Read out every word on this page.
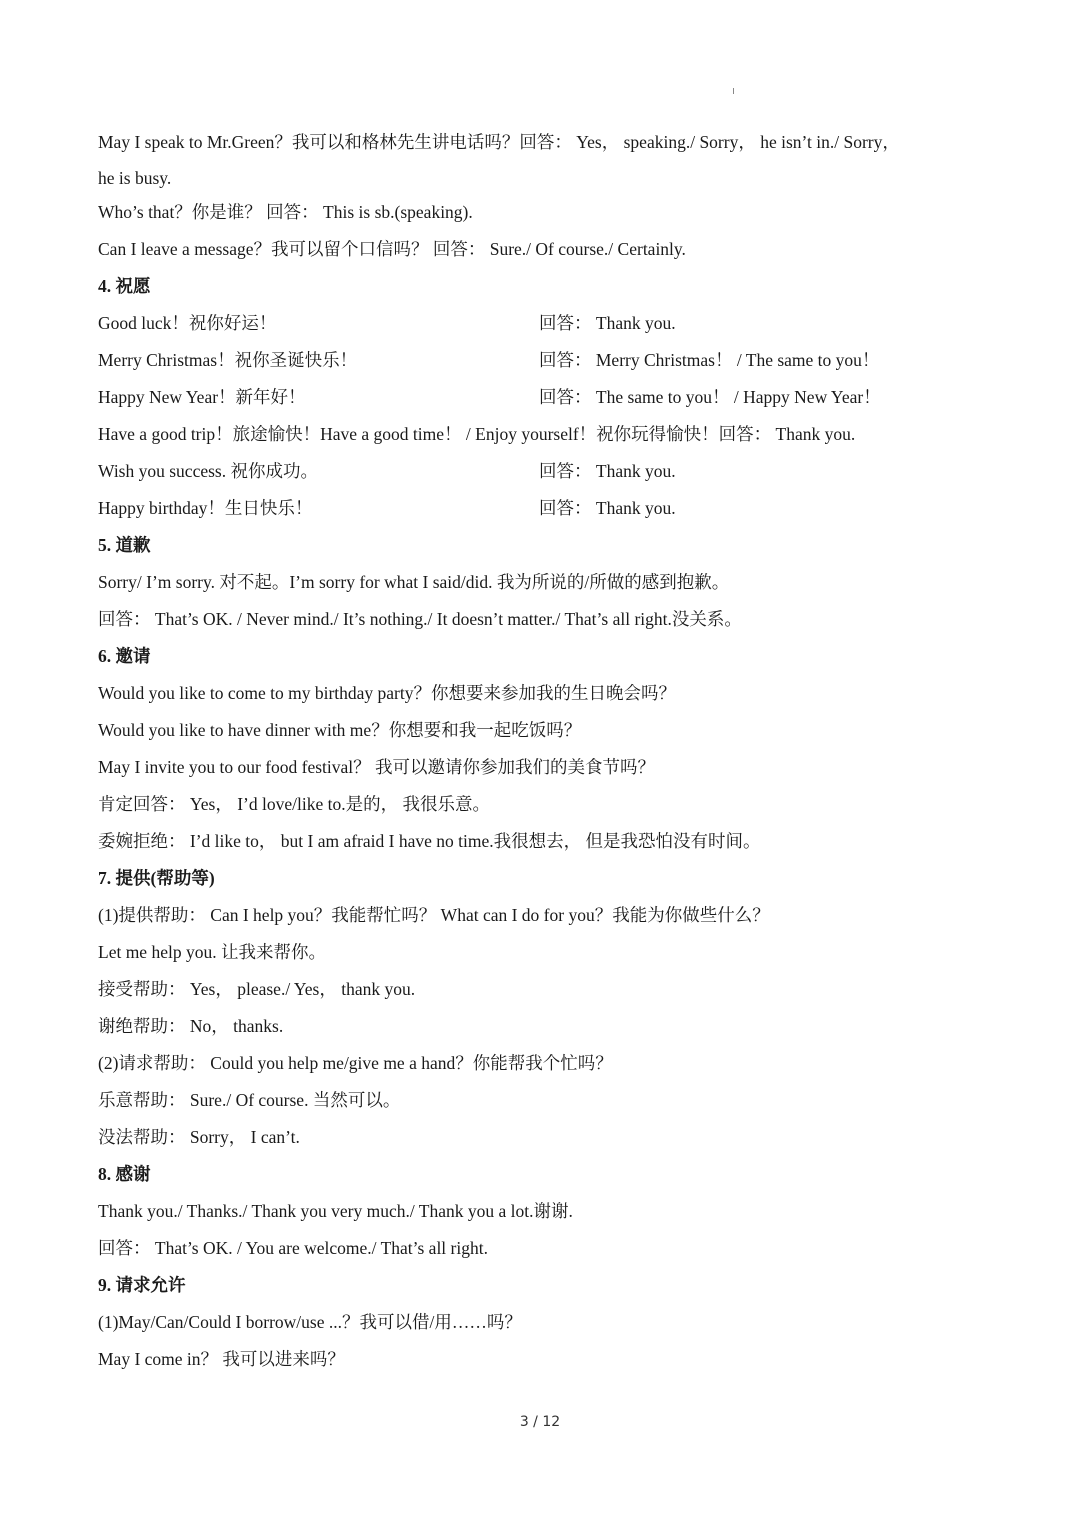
May I speak to Mr.Green？我可以和格林先生讲电话吗？回答： Yes， speaking./ Sorry， he isn’t in./ Sorry，
he is busy.
Who’s that？你是谁？ 回答： This is sb.(speaking).
Can I leave a message？我可以留个口信吗？ 回答： Sure./ Of course./ Certainly.
4. 祝愿
Good luck！祝你好运！	回答： Thank you.
Merry Christmas！祝你圣诞快乐！	回答： Merry Christmas！ / The same to you！
Happy New Year！新年好！	回答： The same to you！ / Happy New Year！
Have a good trip！旅途愉快！Have a good time！ / Enjoy yourself！祝你玩得愉快！回答： Thank you.
Wish you success. 祝你成功。	回答： Thank you.
Happy birthday！生日快乐！	回答： Thank you.
5. 道歉
Sorry/ I’m sorry. 对不起。I’m sorry for what I said/did. 我为所说的/所做的感到抱歉。
回答： That’s OK. / Never mind./ It’s nothing./ It doesn’t matter./ That’s all right.没关系。
6. 邀请
Would you like to come to my birthday party？你想要来参加我的生日晚会吗？
Would you like to have dinner with me？你想要和我一起吃饭吗？
May I invite you to our food festival？ 我可以邀请你参加我们的美食节吗？
肯定回答： Yes， I’d love/like to.是的， 我很乐意。
委婉拒绝： I’d like to， but I am afraid I have no time.我很想去， 但是我恐怕没有时间。
7. 提供(帮助等)
(1)提供帮助： Can I help you？我能帮忙吗？ What can I do for you？我能为你做些什么？
Let me help you. 让我来帮你。
接受帮助： Yes， please./ Yes， thank you.
谢绝帮助： No， thanks.
(2)请求帮助： Could you help me/give me a hand？你能帮我个忙吗？
乐意帮助： Sure./ Of course. 当然可以。
没法帮助： Sorry， I can’t.
8. 感谢
Thank you./ Thanks./ Thank you very much./ Thank you a lot.谢谢.
回答： That’s OK. / You are welcome./ That’s all right.
9. 请求允许
(1)May/Can/Could I borrow/use ...？我可以借/用……吗？
May I come in？ 我可以进来吗？
3 / 12
